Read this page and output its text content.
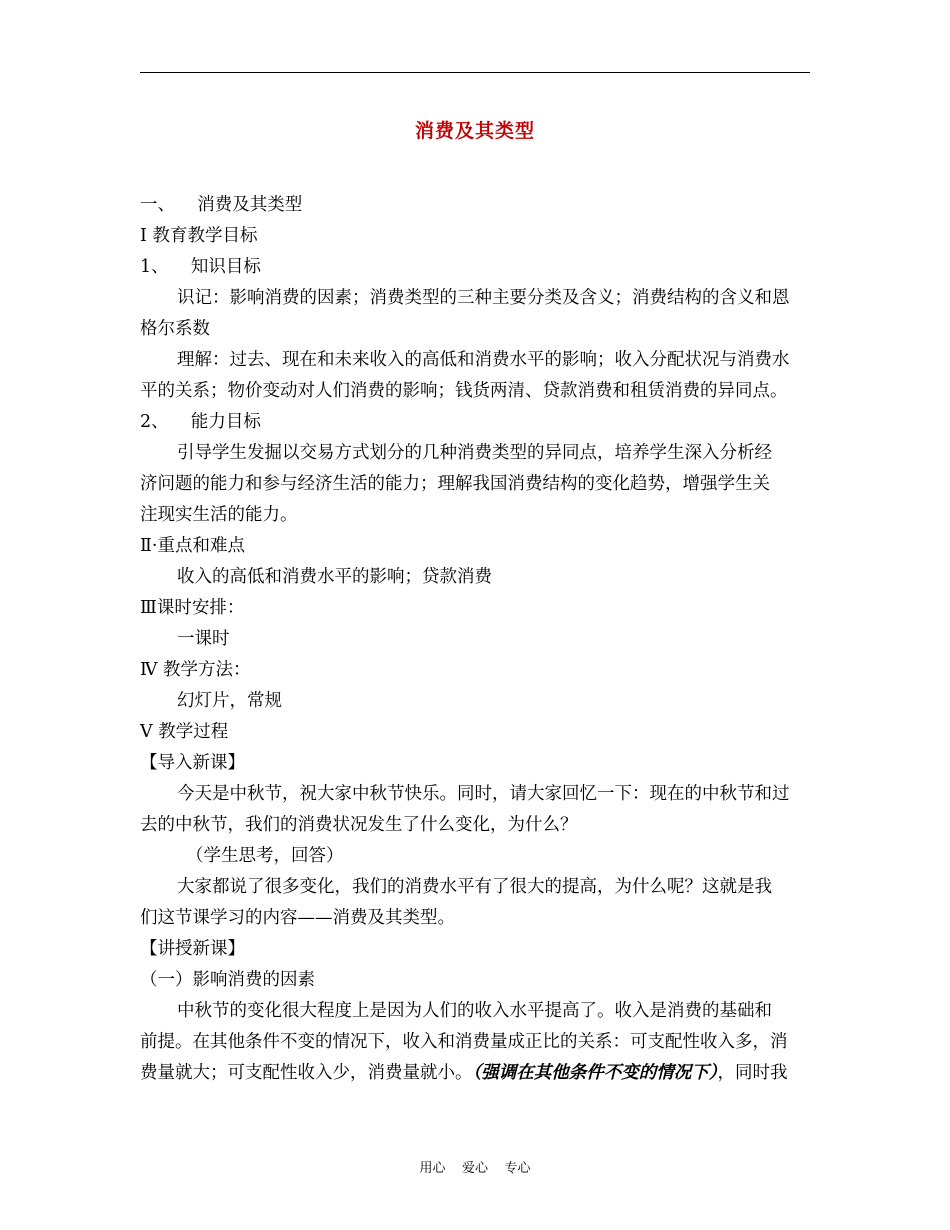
消费及其类型
一、    消费及其类型
Ⅰ 教育教学目标
1、    知识目标
识记：影响消费的因素；消费类型的三种主要分类及含义；消费结构的含义和恩
格尔系数
理解：过去、现在和未来收入的高低和消费水平的影响；收入分配状况与消费水
平的关系；物价变动对人们消费的影响；钱货两清、贷款消费和租赁消费的异同点。
2、    能力目标
引导学生发掘以交易方式划分的几种消费类型的异同点，培养学生深入分析经
济问题的能力和参与经济生活的能力；理解我国消费结构的变化趋势，增强学生关
注现实生活的能力。
Ⅱ·重点和难点
收入的高低和消费水平的影响；贷款消费
Ⅲ课时安排：
一课时
Ⅳ 教学方法：
幻灯片，常规
Ⅴ 教学过程
【导入新课】
今天是中秋节，祝大家中秋节快乐。同时，请大家回忆一下：现在的中秋节和过
去的中秋节，我们的消费状况发生了什么变化，为什么？
（学生思考，回答）
大家都说了很多变化，我们的消费水平有了很大的提高，为什么呢？这就是我
们这节课学习的内容——消费及其类型。
【讲授新课】
（一）影响消费的因素
中秋节的变化很大程度上是因为人们的收入水平提高了。收入是消费的基础和
前提。在其他条件不变的情况下，收入和消费量成正比的关系：可支配性收入多，消
费量就大；可支配性收入少，消费量就小。（强调在其他条件不变的情况下），同时我
用心    爱心    专心
